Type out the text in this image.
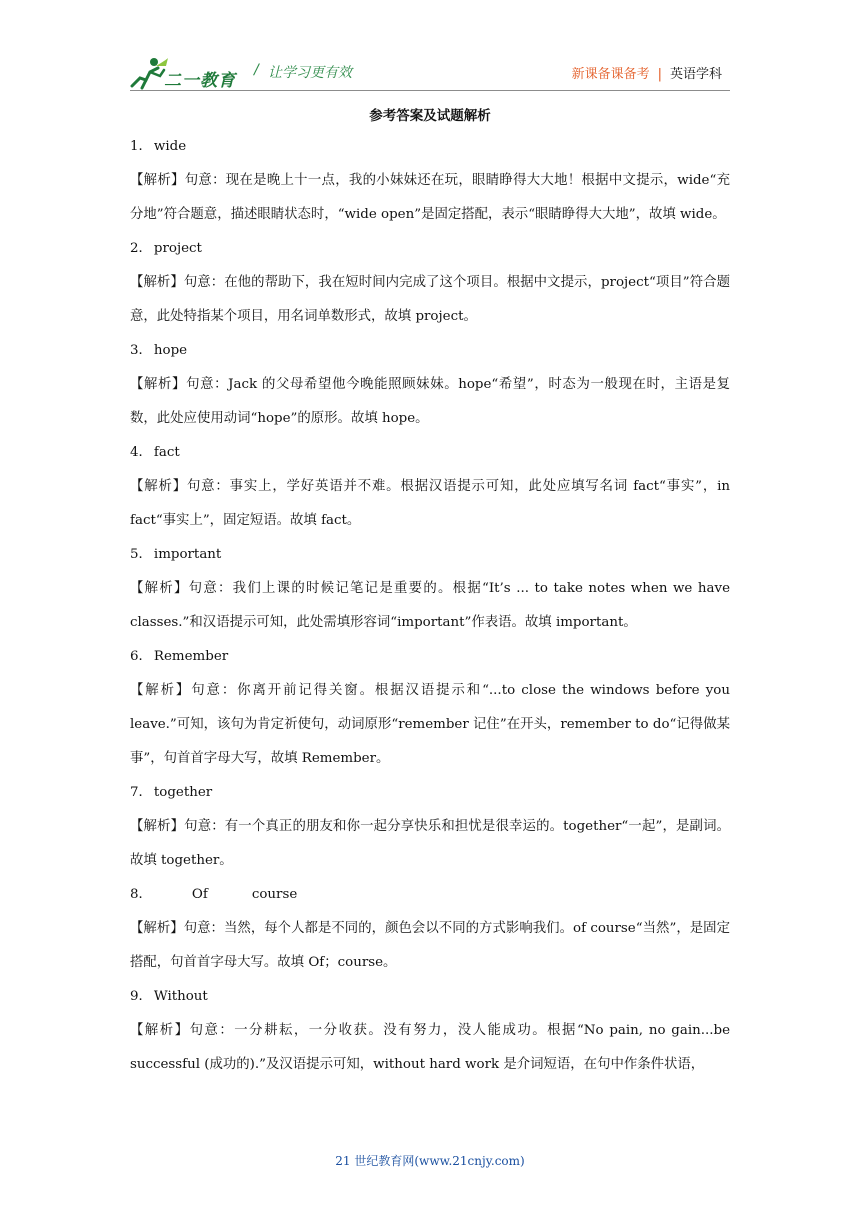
二一教育
/ 让学习更有效	新课备课备考 | 英语学科
参考答案及试题解析
1． wide
【解析】句意：现在是晚上十一点，我的小妹妹还在玩，眼睛睁得大大地！根据中文提示，wide“充分地”符合题意，描述眼睛状态时，“wide open”是固定搭配，表示“眼睛睁得大大地”，故填 wide。
2． project
【解析】句意：在他的帮助下，我在短时间内完成了这个项目。根据中文提示，project“项目”符合题意，此处特指某个项目，用名词单数形式，故填 project。
3． hope
【解析】句意：Jack 的父母希望他今晚能照顾妹妹。hope“希望”，时态为一般现在时，主语是复数，此处应使用动词“hope”的原形。故填 hope。
4． fact
【解析】句意：事实上，学好英语并不难。根据汉语提示可知，此处应填写名词 fact“事实”，in fact“事实上”，固定短语。故填 fact。
5． important
【解析】句意：我们上课的时候记笔记是重要的。根据“It’s ... to take notes when we have classes.”和汉语提示可知，此处需填形容词“important”作表语。故填 important。
6． Remember
【解析】句意：你离开前记得关窗。根据汉语提示和“...to close the windows before you leave.”可知，该句为肯定祈使句，动词原形“remember 记住”在开头，remember to do“记得做某事”，句首首字母大写，故填 Remember。
7． together
【解析】句意：有一个真正的朋友和你一起分享快乐和担忧是很幸运的。together“一起”，是副词。故填 together。
8．	Of	course
【解析】句意：当然，每个人都是不同的，颜色会以不同的方式影响我们。of course“当然”，是固定搭配，句首首字母大写。故填 Of；course。
9． Without
【解析】句意：一分耕耘，一分收获。没有努力，没人能成功。根据“No pain, no gain...be successful (成功的).”及汉语提示可知，without hard work 是介词短语，在句中作条件状语，
21 世纪教育网(www.21cnjy.com)
